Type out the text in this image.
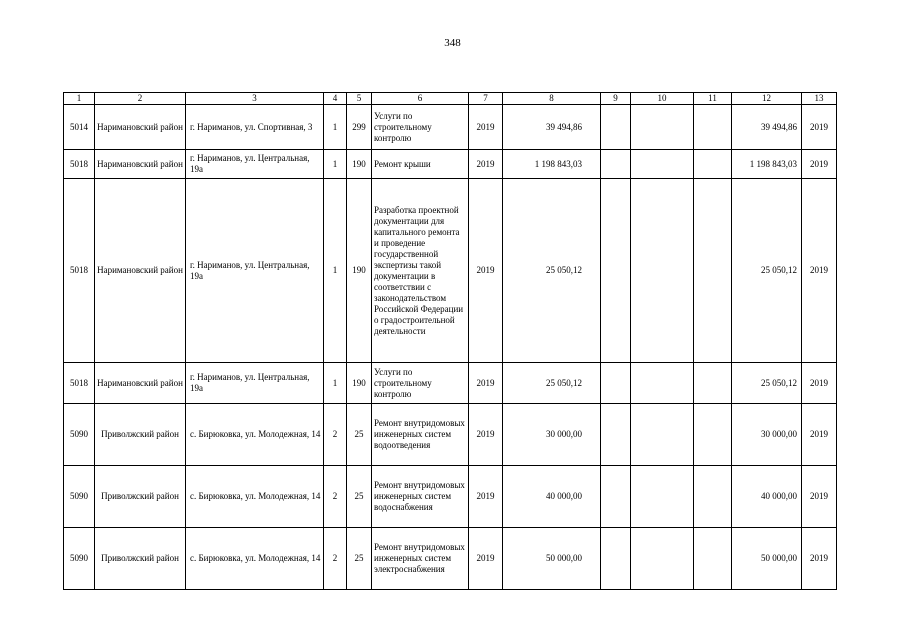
348
1	2	3	4	5	6	7	8	9	10	11	12	13
5014	Наримановский район	г. Нариманов, ул. Спортивная, 3	1	299	Услуги по строительному контролю	2019	39 494,86				39 494,86	2019
5018	Наримановский район	г. Нариманов, ул. Центральная, 19а	1	190	Ремонт крыши	2019	1 198 843,03				1 198 843,03	2019
5018	Наримановский район	г. Нариманов, ул. Центральная, 19а	1	190	Разработка проектной документации для капитального ремонта и проведение государственной экспертизы такой документации в соответствии с законодательством Российской Федерации о градостроительной деятельности	2019	25 050,12				25 050,12	2019
5018	Наримановский район	г. Нариманов, ул. Центральная, 19а	1	190	Услуги по строительному контролю	2019	25 050,12				25 050,12	2019
5090	Приволжский район	с. Бирюковка, ул. Молодежная, 14	2	25	Ремонт внутридомовых инженерных систем водоотведения	2019	30 000,00				30 000,00	2019
5090	Приволжский район	с. Бирюковка, ул. Молодежная, 14	2	25	Ремонт внутридомовых инженерных систем водоснабжения	2019	40 000,00				40 000,00	2019
5090	Приволжский район	с. Бирюковка, ул. Молодежная, 14	2	25	Ремонт внутридомовых инженерных систем электроснабжения	2019	50 000,00				50 000,00	2019
